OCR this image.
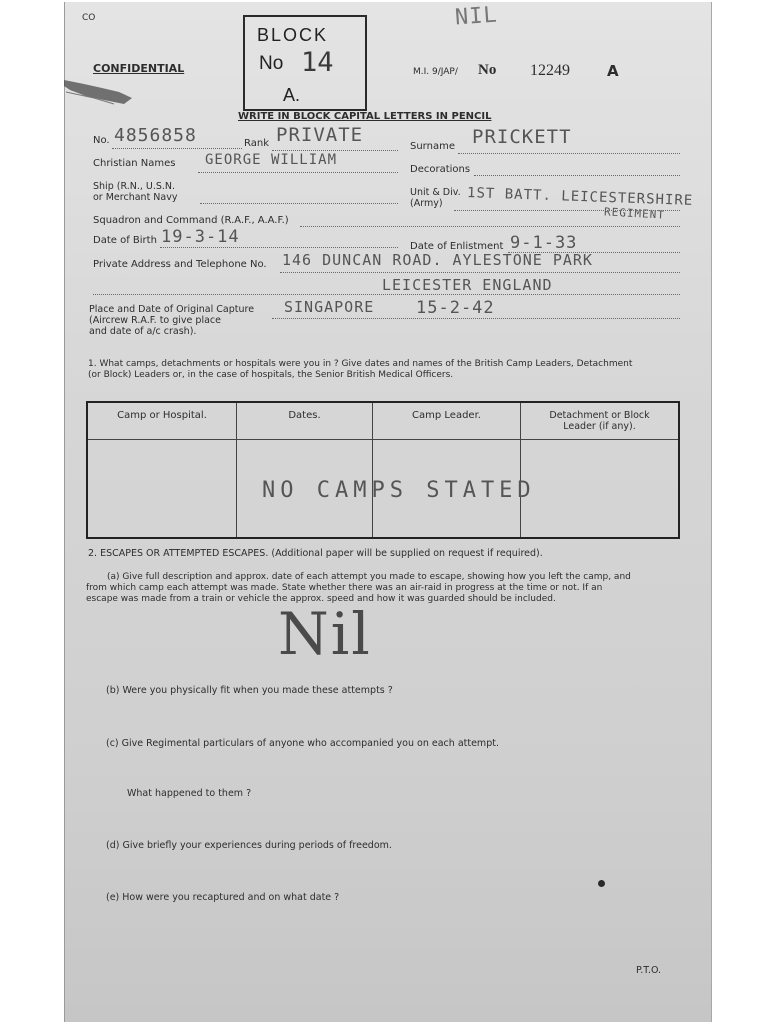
CO
CONFIDENTIAL
NIL
BLOCK
No 14
A.
M.I. 9/JAP/ No 12249 A
WRITE IN BLOCK CAPITAL LETTERS IN PENCIL
No. 4856858	Rank PRIVATE
Surname PRICKETT
Christian Names GEORGE WILLIAM
Decorations
Ship (R.N., U.S.N.
or Merchant Navy	Unit & Div.
(Army) 1ST BATT. LEICESTERSHIRE
REGIMENT
Squadron and Command (R.A.F., A.A.F.)
Date of Birth 19-3-14	Date of Enlistment 9-1-33
Private Address and Telephone No. 146 DUNCAN ROAD. AYLESTONE PARK
LEICESTER ENGLAND
Place and Date of Original Capture
(Aircrew R.A.F. to give place
and date of a/c crash).
SINGAPORE 15-2-42
1. What camps, detachments or hospitals were you in ? Give dates and names of the British Camp Leaders, Detachment
(or Block) Leaders or, in the case of hospitals, the Senior British Medical Officers.
Camp or Hospital.	Dates.	Camp Leader.	Detachment or Block Leader (if any).

NO CAMPS STATED
2. ESCAPES OR ATTEMPTED ESCAPES. (Additional paper will be supplied on request if required).
(a) Give full description and approx. date of each attempt you made to escape, showing how you left the camp, and
from which camp each attempt was made. State whether there was an air-raid in progress at the time or not. If an
escape was made from a train or vehicle the approx. speed and how it was guarded should be included.
Nil
(b) Were you physically fit when you made these attempts ?
(c) Give Regimental particulars of anyone who accompanied you on each attempt.
What happened to them ?
(d) Give briefly your experiences during periods of freedom.
(e) How were you recaptured and on what date ?
P.T.O.
